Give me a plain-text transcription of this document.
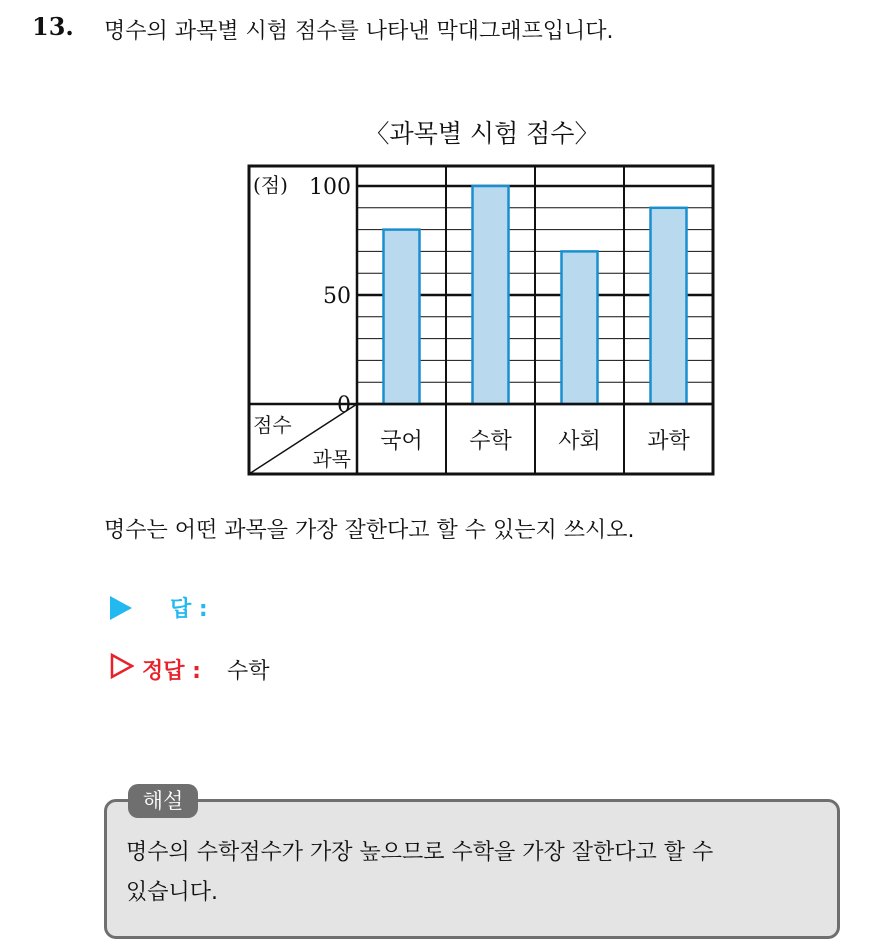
13. 명수의 과목별 시험 점수를 나타낸 막대그래프입니다.
〈과목별 시험 점수〉
0
50
100
(점)
점수
과목
국어 수학 사회 과학
명수는 어떤 과목을 가장 잘한다고 할 수 있는지 쓰시오.
답 :
정답 : 수학
해설
명수의 수학점수가 가장 높으므로 수학을 가장 잘한다고 할 수
있습니다.
